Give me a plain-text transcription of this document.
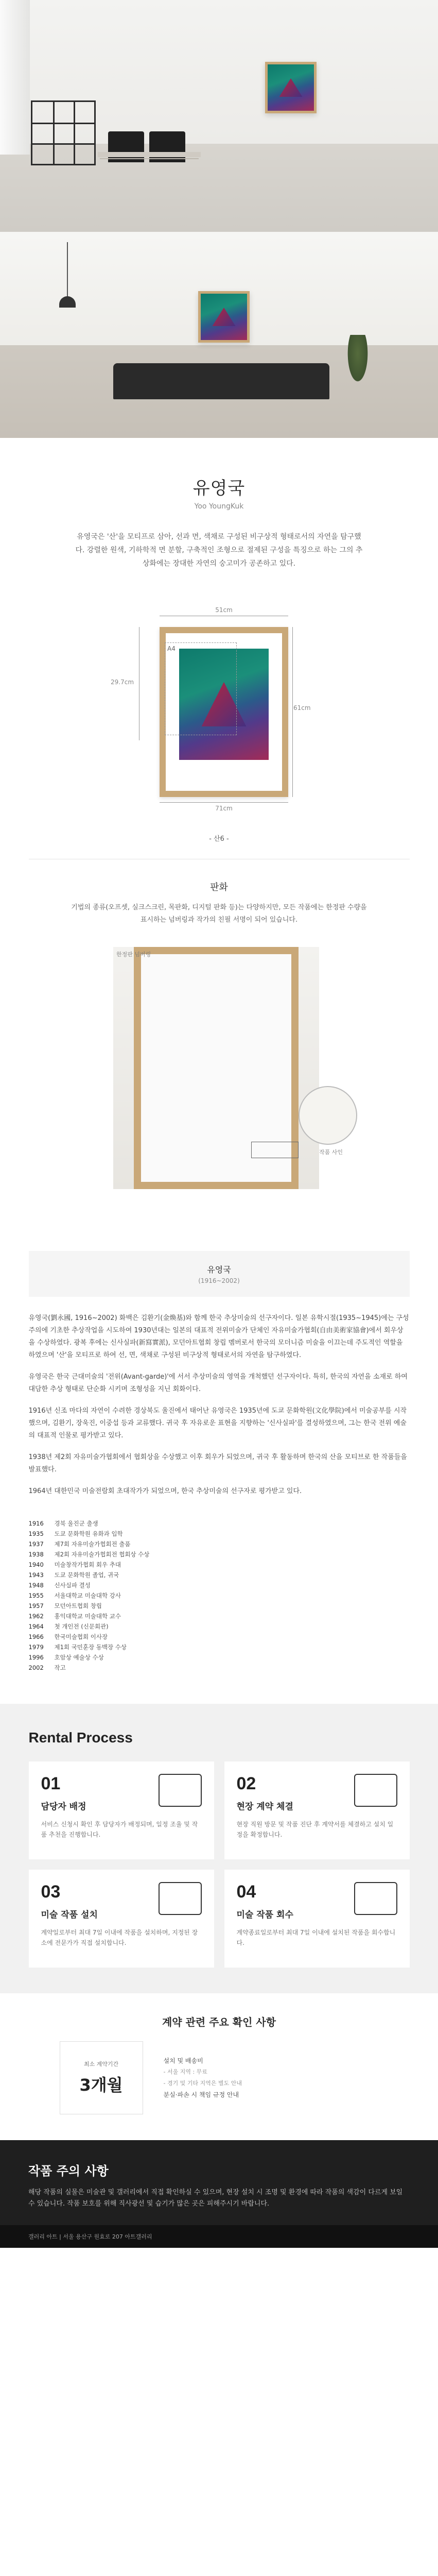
유영국
Yoo YoungKuk
유영국은 '산'을 모티프로 삼아, 선과 면, 색채로 구성된 비구상적 형태로서의 자연을 탐구했다. 강렬한 원색, 기하학적 면 분할, 구축적인 조형으로 절제된 구성을 특징으로 하는 그의 추상화에는 장대한 자연의 숭고미가 공존하고 있다.
51cm
29.7cm
A4
61cm
71cm
- 산6 -
판화
기법의 종류(오프셋, 실크스크린, 목판화, 디지털 판화 등)는 다양하지만, 모든 작품에는 한정판 수량을 표시하는 넘버링과 작가의 친필 서명이 되어 있습니다.
한정판 넘버링
작품 사인
유영국
(1916~2002)

유영국(劉永國, 1916~2002) 화백은 김환기(金煥基)와 함께 한국 추상미술의 선구자이다. 일본 유학시절(1935~1945)에는 구성주의에 기초한 추상작업을 시도하여 1930년대는 일본의 대표적 전위미술가 단체인 자유미술가협회(自由美術家協會)에서 회우상을 수상하였다. 광복 후에는 신사실파(新寫實派), 모던아트협회 창립 멤버로서 한국의 모더니즘 미술을 이끄는데 주도적인 역할을 하였으며 '산'을 모티프로 하여 선, 면, 색채로 구성된 비구상적 형태로서의 자연을 탐구하였다.

유영국은 한국 근대미술의 '전위(Avant-garde)'에 서서 추상미술의 영역을 개척했던 선구자이다. 특히, 한국의 자연을 소재로 하여 대담한 추상 형태로 단순화 시키며 조형성을 지닌 회화이다.

1916년 신조 마다의 자연이 수려한 경상북도 울진에서 태어난 유영국은 1935년에 도쿄 문화학원(文化學院)에서 미술공부를 시작했으며, 김환기, 장욱진, 이중섭 등과 교류했다. 귀국 후 자유로운 표현을 지향하는 '신사실파'를 결성하였으며, 그는 한국 전위 예술의 대표적 인물로 평가받고 있다.

1938년 제2회 자유미술가협회에서 협회상을 수상했고 이후 회우가 되었으며, 귀국 후 활동하며 한국의 산을 모티브로 한 작품들을 발표했다.

1964년 대한민국 미술전람회 초대작가가 되었으며, 한국 추상미술의 선구자로 평가받고 있다.

1916	경북 울진군 출생
1935	도쿄 문화학원 유화과 입학
1937	제7회 자유미술가협회전 출품
1938	제2회 자유미술가협회전 협회상 수상
1940	미술창작가협회 회우 추대
1943	도쿄 문화학원 졸업, 귀국
1948	신사실파 결성
1955	서울대학교 미술대학 강사
1957	모던아트협회 창립
1962	홍익대학교 미술대학 교수
1964	첫 개인전 (신문회관)
1966	한국미술협회 이사장
1979	제1회 국민훈장 동백장 수상
1996	호암상 예술상 수상
2002	작고
Rental Process
01
담당자 배정
서비스 신청시 확인 후 담당자가 배정되며, 일정 조율 및 작품 추천을 진행합니다.
02
현장 계약 체결
현장 직원 방문 및 작품 진단 후 계약서를 체결하고 설치 일정을 확정합니다.
03
미술 작품 설치
계약일로부터 최대 7일 이내에 작품을 설치하며, 지정된 장소에 전문가가 직접 설치합니다.
04
미술 작품 회수
계약종료일로부터 최대 7일 이내에 설치된 작품을 회수합니다.
계약 관련 주요 확인 사항
최소 계약기간
3개월
설치 및 배송비
- 서울 지역 : 무료
- 경기 및 기타 지역은 별도 안내
분실·파손 시 책임 규정 안내
작품 주의 사항
해당 작품의 실물은 미술관 및 갤러리에서 직접 확인하실 수 있으며, 현장 설치 시 조명 및 환경에 따라 작품의 색감이 다르게 보일 수 있습니다. 작품 보호를 위해 직사광선 및 습기가 많은 곳은 피해주시기 바랍니다.
갤러리 아트 | 서울 용산구 원효로 207 아트갤러리
